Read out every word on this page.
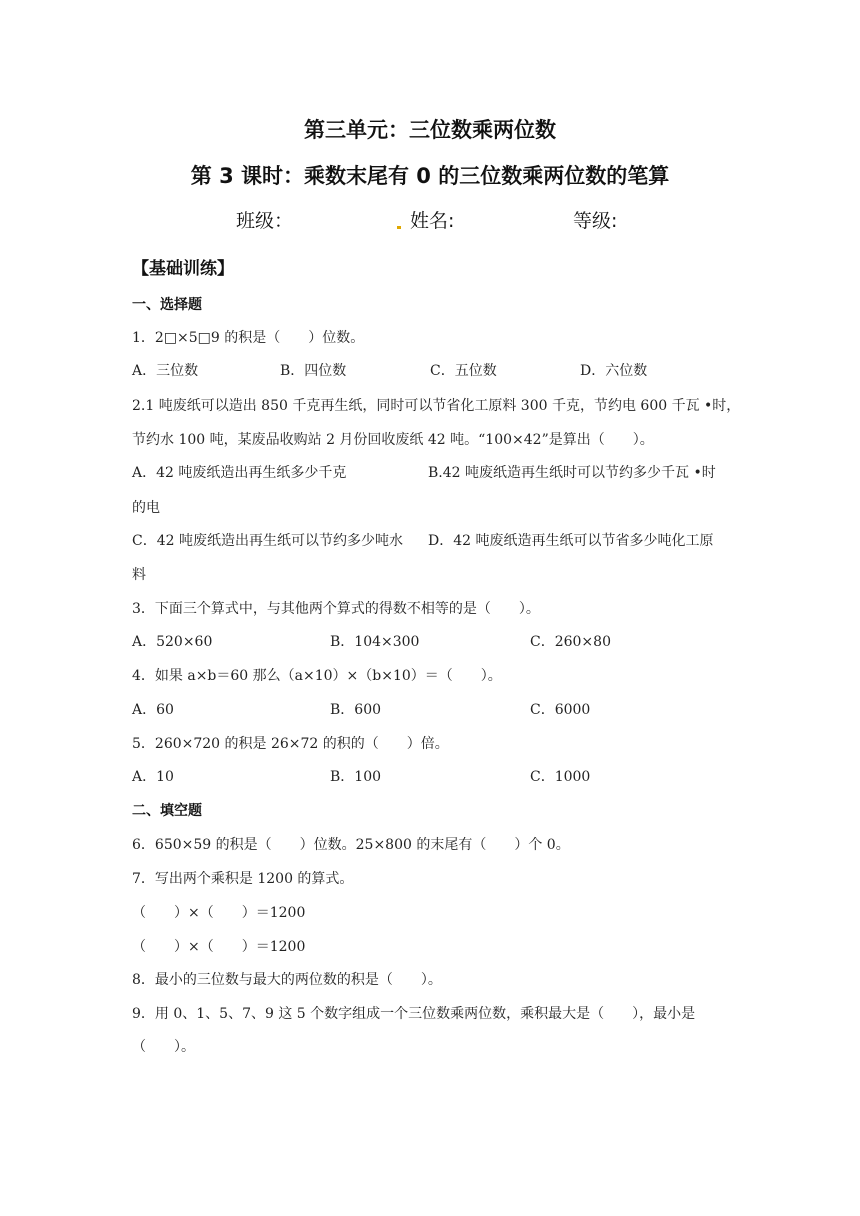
第三单元：三位数乘两位数
第 3 课时：乘数末尾有 0 的三位数乘两位数的笔算
班级：	姓名:	等级:
【基础训练】
一、选择题
1．2□×5□9 的积是（　　）位数。
A．三位数	B．四位数	C．五位数	D．六位数
2.1 吨废纸可以造出 850 千克再生纸，同时可以节省化工原料 300 千克，节约电 600 千瓦 •时，
节约水 100 吨，某废品收购站 2 月份回收废纸 42 吨。“100×42”是算出（　　）。
A．42 吨废纸造出再生纸多少千克	B.42 吨废纸造再生纸时可以节约多少千瓦 •时
的电
C．42 吨废纸造出再生纸可以节约多少吨水 D．42 吨废纸造再生纸可以节省多少吨化工原
料
3．下面三个算式中，与其他两个算式的得数不相等的是（　　）。
A．520×60	B．104×300	C．260×80
4．如果 a×b＝60 那么（a×10）×（b×10）＝（　　）。
A．60	B．600	C．6000
5．260×720 的积是 26×72 的积的（　　）倍。
A．10	B．100	C．1000
二、填空题
6．650×59 的积是（　　）位数。25×800 的末尾有（　　）个 0。
7．写出两个乘积是 1200 的算式。
（　　）×（　　）＝1200
（　　）×（　　）＝1200
8．最小的三位数与最大的两位数的积是（　　）。
9．用 0、1、5、7、9 这 5 个数字组成一个三位数乘两位数，乘积最大是（　　），最小是
（　　）。
